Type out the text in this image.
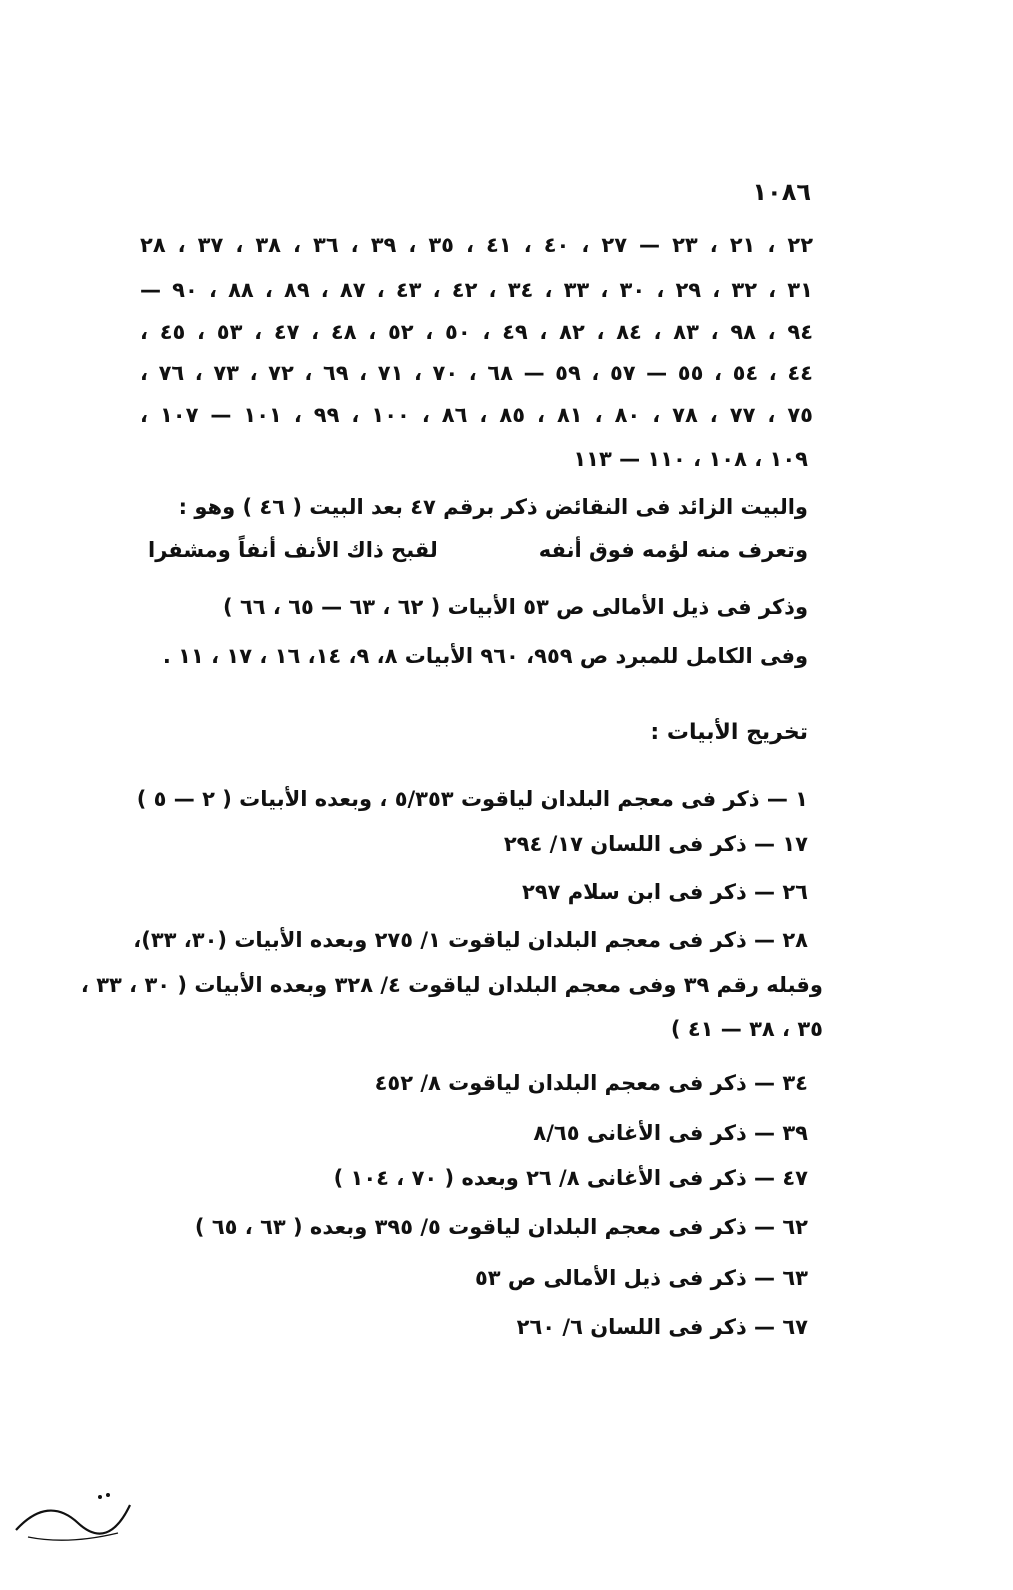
١٠٨٦
٢٢ ، ٢١ ، ٢٣ — ٢٧ ، ٤٠ ، ٤١ ، ٣٥ ، ٣٩ ، ٣٦ ، ٣٨ ، ٣٧ ، ٢٨
٣١ ، ٣٢ ، ٢٩ ، ٣٠ ، ٣٣ ، ٣٤ ، ٤٢ ، ٤٣ ، ٨٧ ، ٨٩ ، ٨٨ ، ٩٠ —
٩٤ ، ٩٨ ، ٨٣ ، ٨٤ ، ٨٢ ، ٤٩ ، ٥٠ ، ٥٢ ، ٤٨ ، ٤٧ ، ٥٣ ، ٤٥ ،
٤٤ ، ٥٤ ، ٥٥ — ٥٧ ، ٥٩ — ٦٨ ، ٧٠ ، ٧١ ، ٦٩ ، ٧٢ ، ٧٣ ، ٧٦ ،
٧٥ ، ٧٧ ، ٧٨ ، ٨٠ ، ٨١ ، ٨٥ ، ٨٦ ، ١٠٠ ، ٩٩ ، ١٠١ — ١٠٧ ،
١٠٩ ، ١٠٨ ، ١١٠ — ١١٣
والبيت الزائد فى النقائض ذكر برقم ٤٧ بعد البيت ( ٤٦ ) وهو :
وتعرف منه لؤمه فوق أنفه
لقبح ذاك الأنف أنفاً ومشفرا
وذكر فى ذيل الأمالى ص ٥٣ الأبيات ( ٦٢ ، ٦٣ — ٦٥ ، ٦٦ )
وفى الكامل للمبرد ص ٩٥٩، ٩٦٠ الأبيات ٨، ٩، ١٤، ١٦ ، ١٧ ، ١١ .
تخريج الأبيات :
١ — ذكر فى معجم البلدان لياقوت ٥/٣٥٣ ، وبعده الأبيات ( ٢ — ٥ )
١٧ — ذكر فى اللسان ١٧/ ٢٩٤
٢٦ — ذكر فى ابن سلام ٢٩٧
٢٨ — ذكر فى معجم البلدان لياقوت ١/ ٢٧٥ وبعده الأبيات (٣٠، ٣٣)،
وقبله رقم ٣٩ وفى معجم البلدان لياقوت ٤/ ٣٢٨ وبعده الأبيات ( ٣٠ ، ٣٣ ،
٣٥ ، ٣٨ — ٤١ )
٣٤ — ذكر فى معجم البلدان لياقوت ٨/ ٤٥٢
٣٩ — ذكر فى الأغانى ٨/٦٥
٤٧ — ذكر فى الأغانى ٨/ ٢٦ وبعده ( ٧٠ ، ١٠٤ )
٦٢ — ذكر فى معجم البلدان لياقوت ٥/ ٣٩٥ وبعده ( ٦٣ ، ٦٥ )
٦٣ — ذكر فى ذيل الأمالى ص ٥٣
٦٧ — ذكر فى اللسان ٦/ ٢٦٠
